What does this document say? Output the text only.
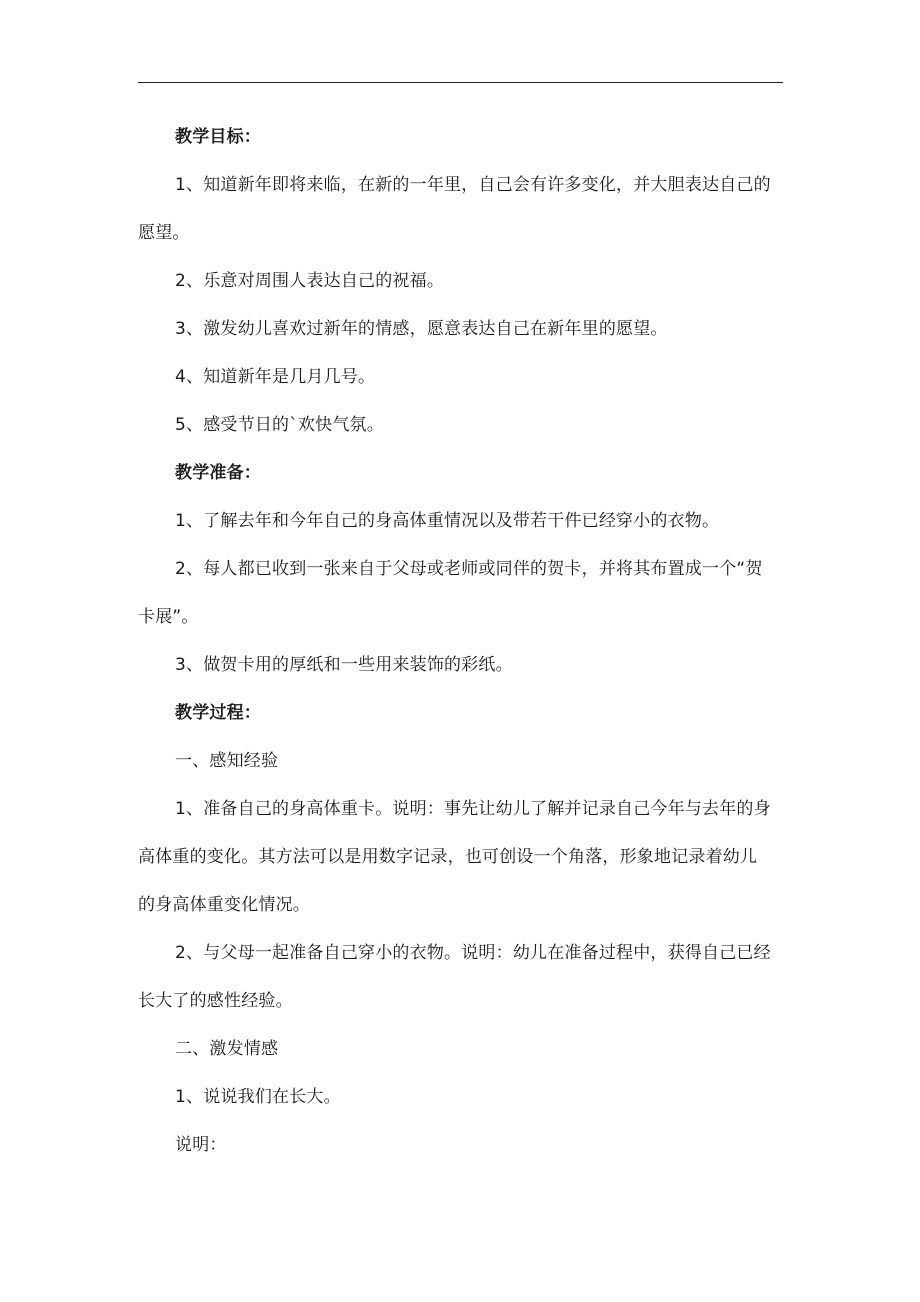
教学目标：
1、知道新年即将来临，在新的一年里，自己会有许多变化，并大胆表达自己的
愿望。
2、乐意对周围人表达自己的祝福。
3、激发幼儿喜欢过新年的情感，愿意表达自己在新年里的愿望。
4、知道新年是几月几号。
5、感受节日的`欢快气氛。
教学准备：
1、了解去年和今年自己的身高体重情况以及带若干件已经穿小的衣物。
2、每人都已收到一张来自于父母或老师或同伴的贺卡，并将其布置成一个“贺
卡展”。
3、做贺卡用的厚纸和一些用来装饰的彩纸。
教学过程：
一、感知经验
1、准备自己的身高体重卡。说明：事先让幼儿了解并记录自己今年与去年的身
高体重的变化。其方法可以是用数字记录，也可创设一个角落，形象地记录着幼儿
的身高体重变化情况。
2、与父母一起准备自己穿小的衣物。说明：幼儿在准备过程中，获得自己已经
长大了的感性经验。
二、激发情感
1、说说我们在长大。
说明：
